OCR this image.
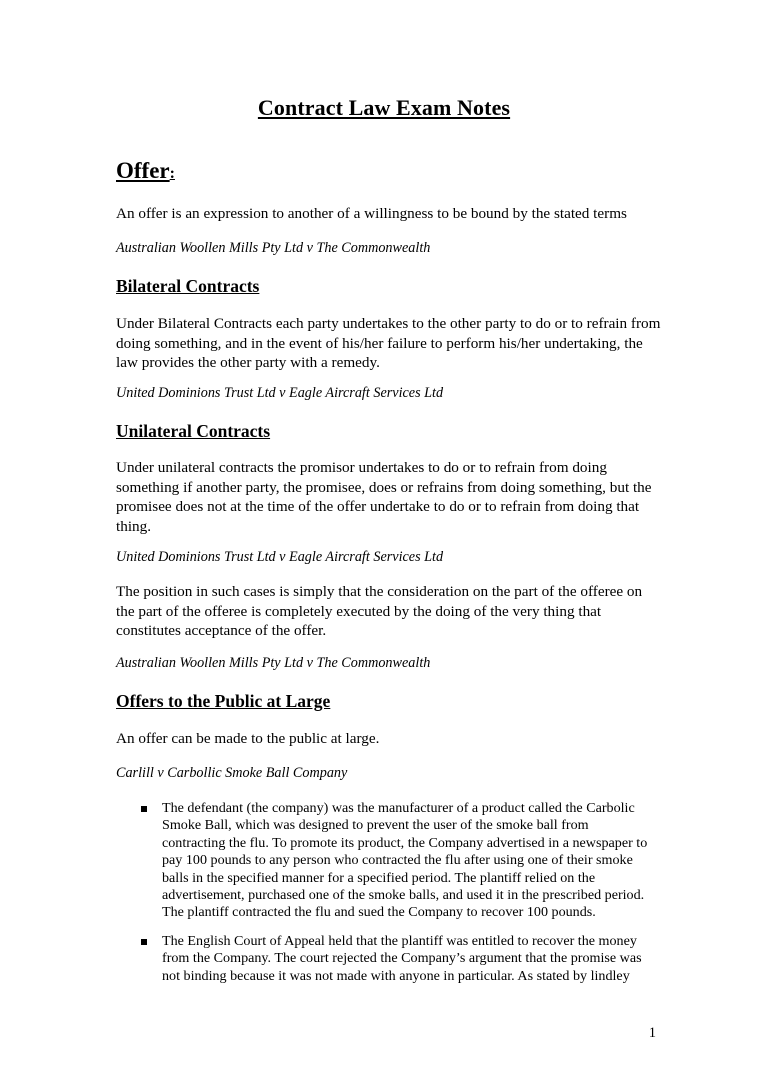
Contract Law Exam Notes
Offer:
An offer is an expression to another of a willingness to be bound by the stated terms
Australian Woollen Mills Pty Ltd v The Commonwealth
Bilateral Contracts
Under Bilateral Contracts each party undertakes to the other party to do or to refrain from doing something, and in the event of his/her failure to perform his/her undertaking, the law provides the other party with a remedy.
United Dominions Trust Ltd v Eagle Aircraft Services Ltd
Unilateral Contracts
Under unilateral contracts the promisor undertakes to do or to refrain from doing something if another party, the promisee, does or refrains from doing something, but the promisee does not at the time of the offer undertake to do or to refrain from doing that thing.
United Dominions Trust Ltd v Eagle Aircraft Services Ltd
The position in such cases is simply that the consideration on the part of the offeree on the part of the offeree is completely executed by the doing of the very thing that constitutes acceptance of the offer.
Australian Woollen Mills Pty Ltd v The Commonwealth
Offers to the Public at Large
An offer can be made to the public at large.
Carlill v Carbollic Smoke Ball Company
The defendant (the company) was the manufacturer of a product called the Carbolic Smoke Ball, which was designed to prevent the user of the smoke ball from contracting the flu. To promote its product, the Company advertised in a newspaper to pay 100 pounds to any person who contracted the flu after using one of their smoke balls in the specified manner for a specified period. The plantiff relied on the advertisement, purchased one of the smoke balls, and used it in the prescribed period. The plantiff contracted the flu and sued the Company to recover 100 pounds.
The English Court of Appeal held that the plantiff was entitled to recover the money from the Company. The court rejected the Company’s argument that the promise was not binding because it was not made with anyone in particular. As stated by lindley
1
